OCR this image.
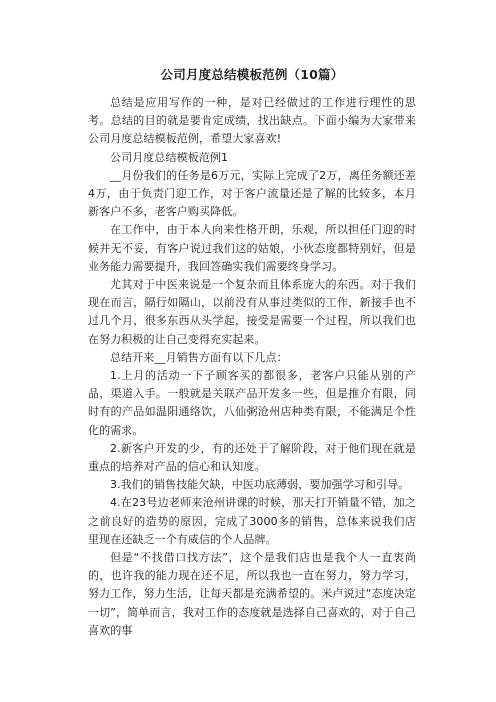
公司月度总结模板范例（10篇）

总结是应用写作的一种，是对已经做过的工作进行理性的思考。总结的目的就是要肯定成绩，找出缺点。下面小编为大家带来公司月度总结模板范例，希望大家喜欢!

公司月度总结模板范例1

__月份我们的任务是6万元，实际上完成了2万，离任务额还差4万，由于负责门迎工作，对于客户流量还是了解的比较多，本月新客户不多，老客户购买降低。

在工作中，由于本人向来性格开朗，乐观，所以担任门迎的时候并无不妥，有客户说过我们这的姑娘，小伙态度都特别好，但是业务能力需要提升，我回答确实我们需要终身学习。

尤其对于中医来说是一个复杂而且体系庞大的东西。对于我们现在而言，隔行如隔山，以前没有从事过类似的工作，新接手也不过几个月，很多东西从头学起，接受是需要一个过程，所以我们也在努力积极的让自己变得充实起来。

总结开来__月销售方面有以下几点：

1.上月的活动一下子顾客买的都很多，老客户只能从别的产品，渠道入手。一般就是关联产品开发多一些，但是推介有限，同时有的产品如温阳通络饮，八仙粥沧州店种类有限，不能满足个性化的需求。

2.新客户开发的少，有的还处于了解阶段，对于他们现在就是重点的培养对产品的信心和认知度。

3.我们的销售技能欠缺，中医功底薄弱，要加强学习和引导。

4.在23号边老师来沧州讲课的时候，那天打开销量不错，加之之前良好的造势的原因，完成了3000多的销售，总体来说我们店里现在还缺乏一个有威信的个人品牌。

但是“不找借口找方法”，这个是我们店也是我个人一直衷尚的，也许我的能力现在还不足，所以我也一直在努力，努力学习，努力工作，努力生活，让每天都是充满希望的。米卢说过“态度决定一切”，简单而言，我对工作的态度就是选择自己喜欢的，对于自己喜欢的事
